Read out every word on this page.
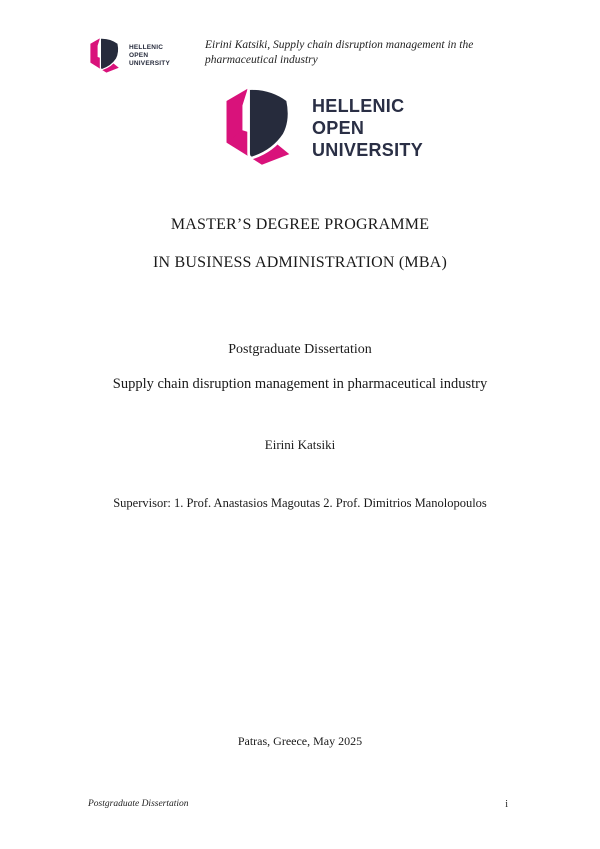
HELLENIC
OPEN
UNIVERSITY
Eirini Katsiki, Supply chain disruption management in the pharmaceutical industry
HELLENIC
OPEN
UNIVERSITY
MASTER’S DEGREE PROGRAMME
IN BUSINESS ADMINISTRATION (MBA)
Postgraduate Dissertation
Supply chain disruption management in pharmaceutical industry
Eirini Katsiki
Supervisor: 1. Prof. Anastasios Magoutas 2. Prof. Dimitrios Manolopoulos
Patras, Greece, May 2025
Postgraduate Dissertation	i
